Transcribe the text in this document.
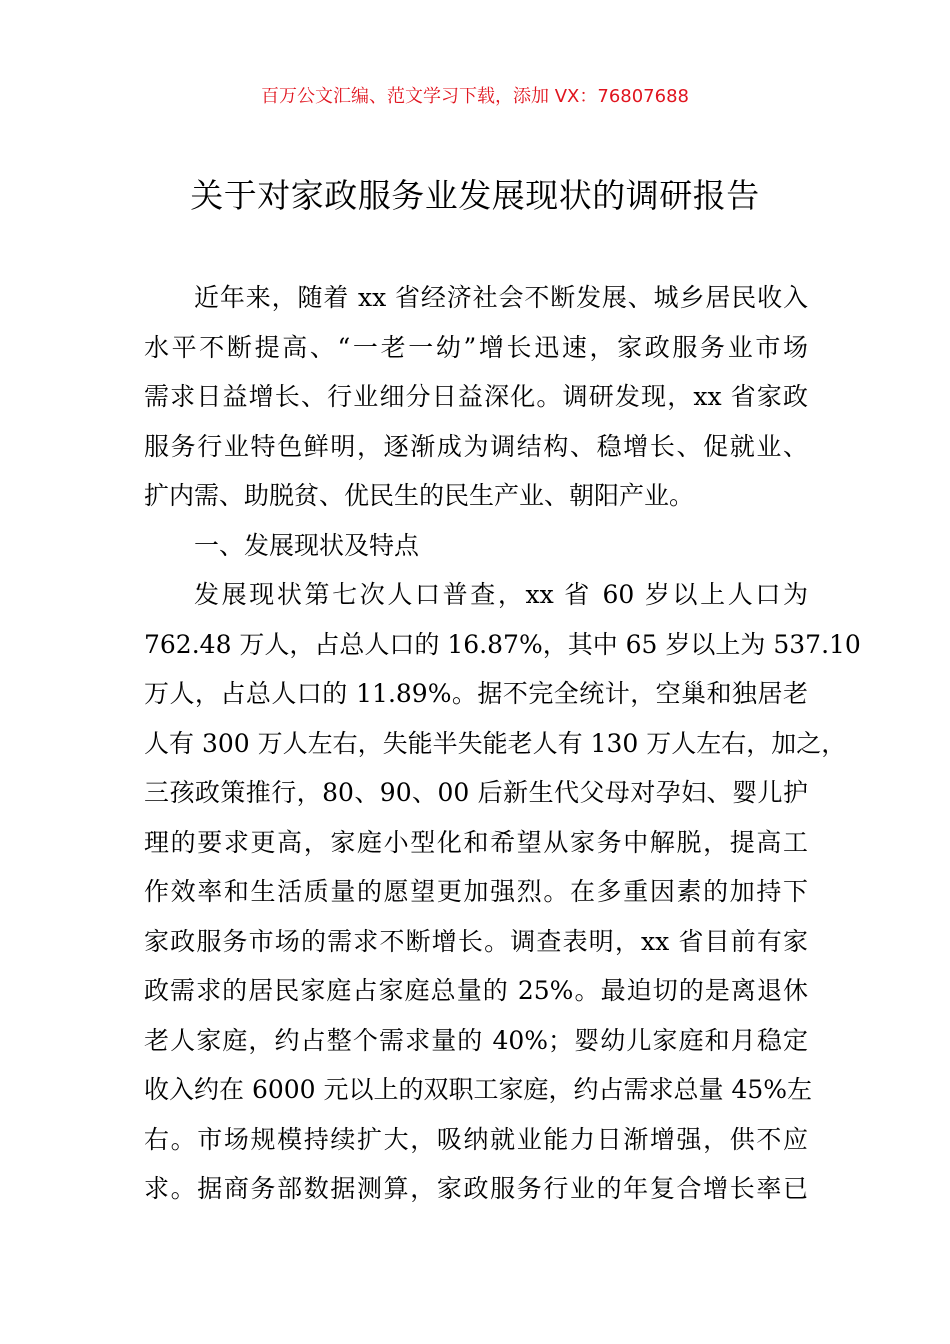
百万公文汇编、范文学习下载，添加 VX：76807688
关于对家政服务业发展现状的调研报告
近年来，随着 xx 省经济社会不断发展、城乡居民收入
水平不断提高、“一老一幼”增长迅速，家政服务业市场
需求日益增长、行业细分日益深化。调研发现，xx 省家政
服务行业特色鲜明，逐渐成为调结构、稳增长、促就业、
扩内需、助脱贫、优民生的民生产业、朝阳产业。
一、发展现状及特点
发展现状第七次人口普查，xx 省 60 岁以上人口为
762.48 万人，占总人口的 16.87%，其中 65 岁以上为 537.10
万人，占总人口的 11.89%。据不完全统计，空巢和独居老
人有 300 万人左右，失能半失能老人有 130 万人左右，加之，
三孩政策推行，80、90、00 后新生代父母对孕妇、婴儿护
理的要求更高，家庭小型化和希望从家务中解脱，提高工
作效率和生活质量的愿望更加强烈。在多重因素的加持下
家政服务市场的需求不断增长。调查表明，xx 省目前有家
政需求的居民家庭占家庭总量的 25%。最迫切的是离退休
老人家庭，约占整个需求量的 40%；婴幼儿家庭和月稳定
收入约在 6000 元以上的双职工家庭，约占需求总量 45%左
右。市场规模持续扩大，吸纳就业能力日渐增强，供不应
求。据商务部数据测算，家政服务行业的年复合增长率已
